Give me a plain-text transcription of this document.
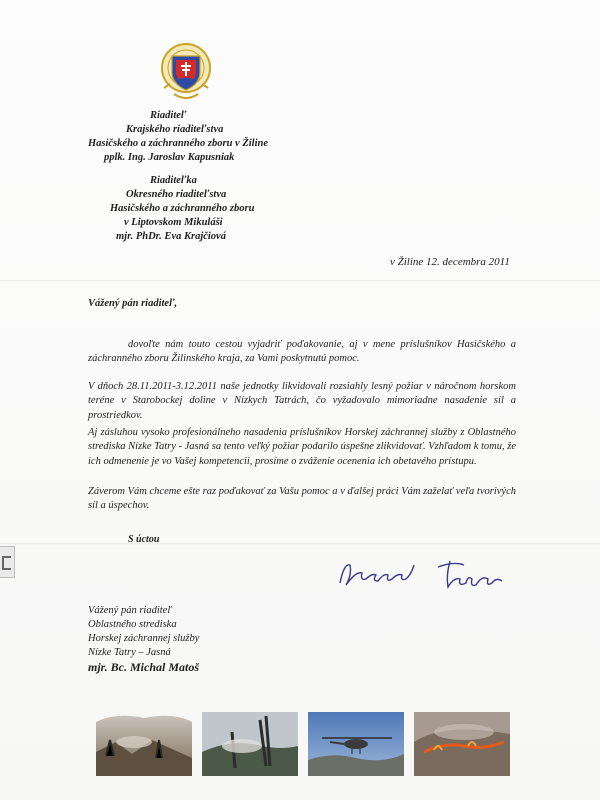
Riaditeľ
Krajského riaditeľstva
Hasičského a záchranného zboru v Žiline
pplk. Ing. Jaroslav Kapusniak
Riaditeľka
Okresného riaditeľstva
Hasičského a záchranného zboru
v Liptovskom Mikuláši
mjr. PhDr. Eva Krajčiová
v Žiline 12. decembra 2011
Vážený pán riaditeľ,

dovoľte nám touto cestou vyjadriť poďakovanie, aj v mene príslušníkov Hasičského a záchranného zboru Žilinského kraja, za Vami poskytnutú pomoc.

V dňoch 28.11.2011-3.12.2011 naše jednotky likvidovali rozsiahly lesný požiar v náročnom horskom teréne v Starobockej doline v Nízkych Tatrách, čo vyžadovalo mimoriadne nasadenie síl a prostriedkov.

Aj zásluhou vysoko profesionálneho nasadenia príslušníkov Horskej záchrannej služby z Oblastného strediska Nízke Tatry - Jasná sa tento veľký požiar podarilo úspešne zlikvidovať. Vzhľadom k tomu, že ich odmenenie je vo Vašej kompetencii, prosíme o zváženie ocenenia ich obetavého prístupu.

Záverom Vám chceme ešte raz poďakovať za Vašu pomoc a v ďalšej práci Vám zaželať veľa tvorivých síl a úspechov.

S úctou
Vážený pán riaditeľ
Oblastného strediska
Horskej záchrannej služby
Nízke Tatry – Jasná
mjr. Bc. Michal Matoš
